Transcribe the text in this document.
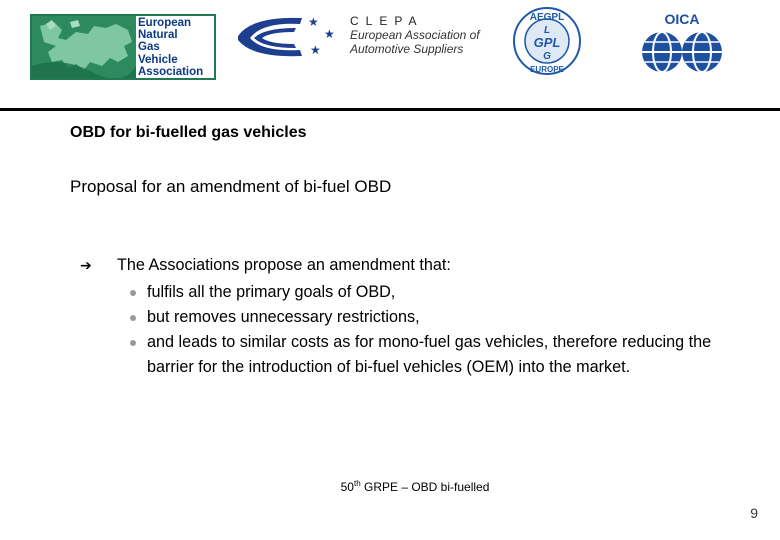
European
Natural
Gas
Vehicle
Association
★
★
★
CLEPA
European Association of
Automotive Suppliers
AEGPL
L
GPL
G
EUROPE
OICA
OBD for bi-fuelled gas vehicles
Proposal for an amendment of bi-fuel OBD
➔ The Associations propose an amendment that:
fulfils all the primary goals of OBD,
but removes unnecessary restrictions,
and leads to similar costs as for mono-fuel gas vehicles, therefore reducing the barrier for the introduction of bi-fuel vehicles (OEM) into the market.
50th GRPE – OBD bi-fuelled
9
